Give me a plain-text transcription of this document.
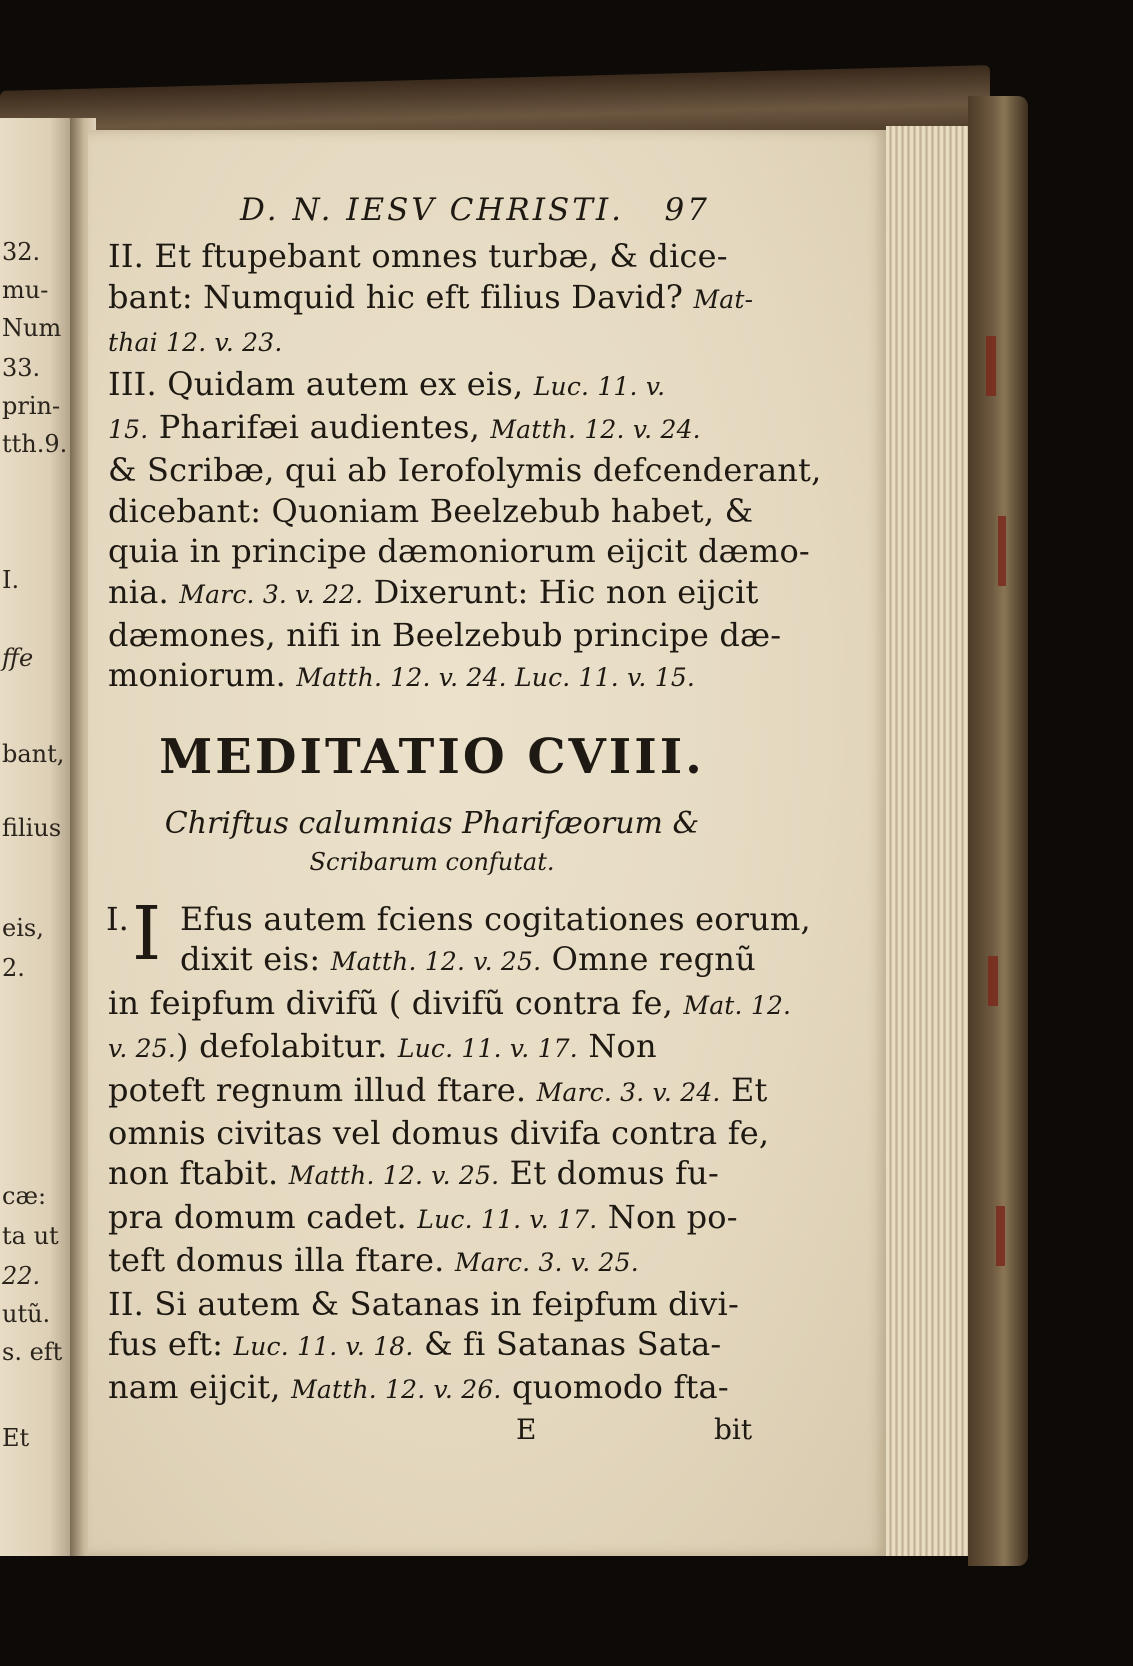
32.
mu-
Num
33.
prin-
tth.9.
I.
ffe
bant,
filius
eis,
2.
cæ:
ta ut
22.
utũ.
s. eft
Et
D. N. IESV CHRISTI. 97
II. Et ftupebant omnes turbæ, & dice-
bant: Numquid hic eft filius David? Mat-
thai 12. v. 23.
III. Quidam autem ex eis, Luc. 11. v.
15. Pharifæi audientes, Matth. 12. v. 24.
& Scribæ, qui ab Ierofolymis defcenderant,
dicebant: Quoniam Beelzebub habet, &
quia in principe dæmoniorum eijcit dæmo-
nia. Marc. 3. v. 22. Dixerunt: Hic non eijcit
dæmones, nifi in Beelzebub principe dæ-
moniorum. Matth. 12. v. 24. Luc. 11. v. 15.
MEDITATIO CVIII.
Chriftus calumnias Pharifæorum &
Scribarum confutat.
I. I Efus autem fciens cogitationes eorum,
dixit eis: Matth. 12. v. 25. Omne regnũ
in feipfum divifũ ( divifũ contra fe, Mat. 12.
v. 25.) defolabitur. Luc. 11. v. 17. Non
poteft regnum illud ftare. Marc. 3. v. 24. Et
omnis civitas vel domus divifa contra fe,
non ftabit. Matth. 12. v. 25. Et domus fu-
pra domum cadet. Luc. 11. v. 17. Non po-
teft domus illa ftare. Marc. 3. v. 25.
II. Si autem & Satanas in feipfum divi-
fus eft: Luc. 11. v. 18. & fi Satanas Sata-
nam eijcit, Matth. 12. v. 26. quomodo fta-
E	bit
